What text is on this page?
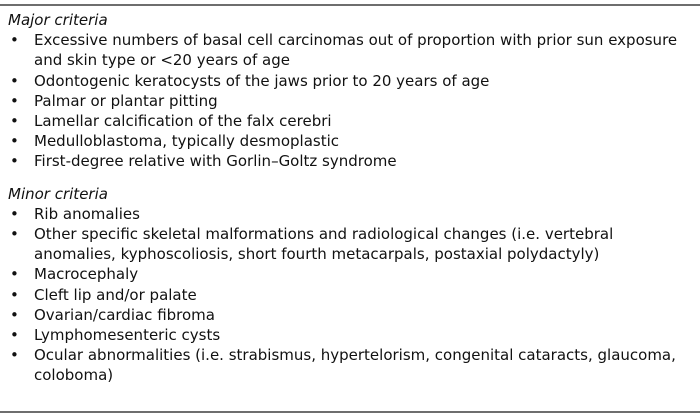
Major criteria

• Excessive numbers of basal cell carcinomas out of proportion with prior sun exposure and skin type or <20 years of age
• Odontogenic keratocysts of the jaws prior to 20 years of age
• Palmar or plantar pitting
• Lamellar calcification of the falx cerebri
• Medulloblastoma, typically desmoplastic
• First-degree relative with Gorlin–Goltz syndrome

Minor criteria

• Rib anomalies
• Other specific skeletal malformations and radiological changes (i.e. vertebral anomalies, kyphoscoliosis, short fourth metacarpals, postaxial polydactyly)
• Macrocephaly
• Cleft lip and/or palate
• Ovarian/cardiac fibroma
• Lymphomesenteric cysts
• Ocular abnormalities (i.e. strabismus, hypertelorism, congenital cataracts, glaucoma, coloboma)
